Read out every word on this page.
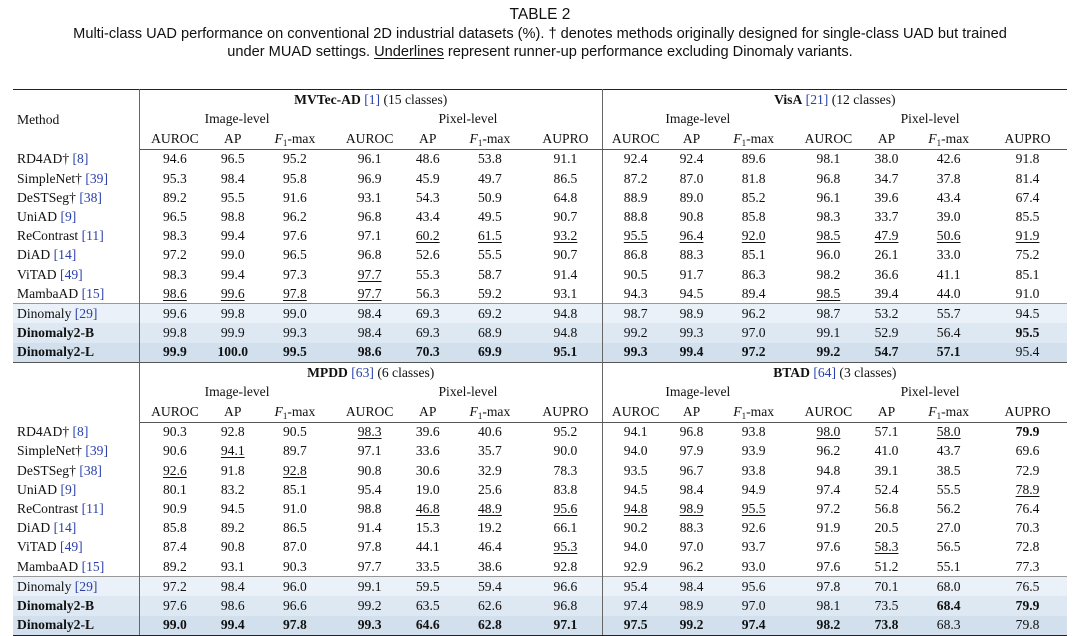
TABLE 2
Multi-class UAD performance on conventional 2D industrial datasets (%). † denotes methods originally designed for single-class UAD but trained
under MUAD settings. Underlines represent runner-up performance excluding Dinomaly variants.
Method	MVTec-AD [1] (15 classes)							VisA [21] (12 classes)						
	Image-level			Pixel-level				Image-level			Pixel-level			
	AUROC	AP	$F_1-\max$	AUROC	AP	$F_1-\max$	AUPRO	AUROC	AP	$F_1-\max$	AUROC	AP	$F_1-\max$	AUPRO
RD4AD† [8]	94.6	96.5	95.2	96.1	48.6	53.8	91.1	92.4	92.4	89.6	98.1	38.0	42.6	91.8
SimpleNet† [39]	95.3	98.4	95.8	96.9	45.9	49.7	86.5	87.2	87.0	81.8	96.8	34.7	37.8	81.4
DeSTSeg† [38]	89.2	95.5	91.6	93.1	54.3	50.9	64.8	88.9	89.0	85.2	96.1	39.6	43.4	67.4
UniAD [9]	96.5	98.8	96.2	96.8	43.4	49.5	90.7	88.8	90.8	85.8	98.3	33.7	39.0	85.5
ReContrast [11]	98.3	99.4	97.6	97.1	60.2	61.5	93.2	95.5	96.4	92.0	98.5	47.9	50.6	91.9
DiAD [14]	97.2	99.0	96.5	96.8	52.6	55.5	90.7	86.8	88.3	85.1	96.0	26.1	33.0	75.2
ViTAD [49]	98.3	99.4	97.3	97.7	55.3	58.7	91.4	90.5	91.7	86.3	98.2	36.6	41.1	85.1
MambaAD [15]	98.6	99.6	97.8	97.7	56.3	59.2	93.1	94.3	94.5	89.4	98.5	39.4	44.0	91.0
Dinomaly [29]	99.6	99.8	99.0	98.4	69.3	69.2	94.8	98.7	98.9	96.2	98.7	53.2	55.7	94.5
Dinomaly2-B	99.8	99.9	99.3	98.4	69.3	68.9	94.8	99.2	99.3	97.0	99.1	52.9	56.4	95.5
Dinomaly2-L	99.9	100.0	99.5	98.6	70.3	69.9	95.1	99.3	99.4	97.2	99.2	54.7	57.1	95.4
	MPDD [63] (6 classes)							BTAD [64] (3 classes)						
	Image-level			Pixel-level				Image-level			Pixel-level			
	AUROC	AP	$F_1-\max$	AUROC	AP	$F_1-\max$	AUPRO	AUROC	AP	$F_1-\max$	AUROC	AP	$F_1-\max$	AUPRO
RD4AD† [8]	90.3	92.8	90.5	98.3	39.6	40.6	95.2	94.1	96.8	93.8	98.0	57.1	58.0	79.9
SimpleNet† [39]	90.6	94.1	89.7	97.1	33.6	35.7	90.0	94.0	97.9	93.9	96.2	41.0	43.7	69.6
DeSTSeg† [38]	92.6	91.8	92.8	90.8	30.6	32.9	78.3	93.5	96.7	93.8	94.8	39.1	38.5	72.9
UniAD [9]	80.1	83.2	85.1	95.4	19.0	25.6	83.8	94.5	98.4	94.9	97.4	52.4	55.5	78.9
ReContrast [11]	90.9	94.5	91.0	98.8	46.8	48.9	95.6	94.8	98.9	95.5	97.2	56.8	56.2	76.4
DiAD [14]	85.8	89.2	86.5	91.4	15.3	19.2	66.1	90.2	88.3	92.6	91.9	20.5	27.0	70.3
ViTAD [49]	87.4	90.8	87.0	97.8	44.1	46.4	95.3	94.0	97.0	93.7	97.6	58.3	56.5	72.8
MambaAD [15]	89.2	93.1	90.3	97.7	33.5	38.6	92.8	92.9	96.2	93.0	97.6	51.2	55.1	77.3
Dinomaly [29]	97.2	98.4	96.0	99.1	59.5	59.4	96.6	95.4	98.4	95.6	97.8	70.1	68.0	76.5
Dinomaly2-B	97.6	98.6	96.6	99.2	63.5	62.6	96.8	97.4	98.9	97.0	98.1	73.5	68.4	79.9
Dinomaly2-L	99.0	99.4	97.8	99.3	64.6	62.8	97.1	97.5	99.2	97.4	98.2	73.8	68.3	79.8
